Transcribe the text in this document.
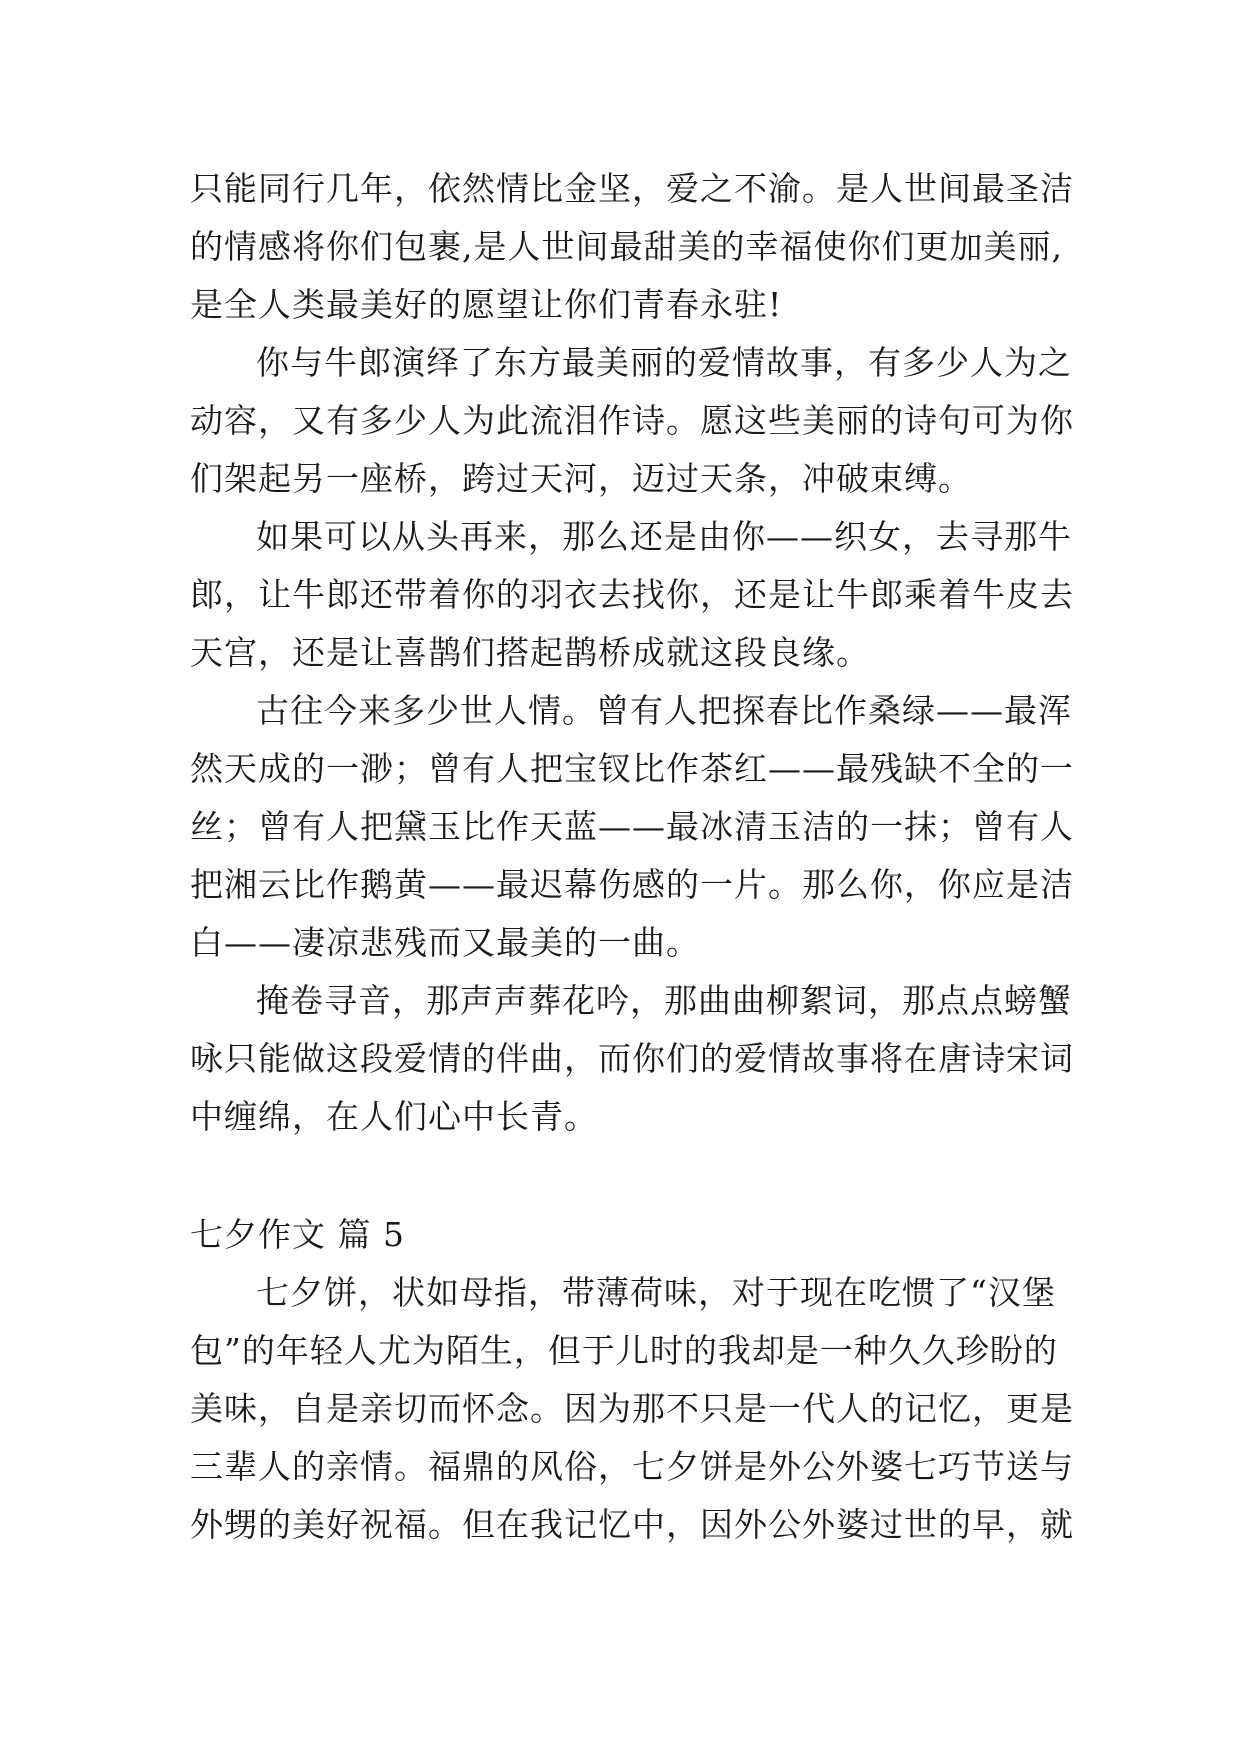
只能同行几年，依然情比金坚，爱之不渝。是人世间最圣洁
的情感将你们包裹,是人世间最甜美的幸福使你们更加美丽,
是全人类最美好的愿望让你们青春永驻!
你与牛郎演绎了东方最美丽的爱情故事，有多少人为之
动容，又有多少人为此流泪作诗。愿这些美丽的诗句可为你
们架起另一座桥，跨过天河，迈过天条，冲破束缚。
如果可以从头再来，那么还是由你——织女，去寻那牛
郎，让牛郎还带着你的羽衣去找你，还是让牛郎乘着牛皮去
天宫，还是让喜鹊们搭起鹊桥成就这段良缘。
古往今来多少世人情。曾有人把探春比作桑绿——最浑
然天成的一渺；曾有人把宝钗比作茶红——最残缺不全的一
丝；曾有人把黛玉比作天蓝——最冰清玉洁的一抹；曾有人
把湘云比作鹅黄——最迟幕伤感的一片。那么你，你应是洁
白——凄凉悲残而又最美的一曲。
掩卷寻音，那声声葬花吟，那曲曲柳絮词，那点点螃蟹
咏只能做这段爱情的伴曲，而你们的爱情故事将在唐诗宋词
中缠绵，在人们心中长青。
七夕作文 篇 5
七夕饼，状如母指，带薄荷味，对于现在吃惯了“汉堡
包”的年轻人尤为陌生，但于儿时的我却是一种久久珍盼的
美味，自是亲切而怀念。因为那不只是一代人的记忆，更是
三辈人的亲情。福鼎的风俗，七夕饼是外公外婆七巧节送与
外甥的美好祝福。但在我记忆中，因外公外婆过世的早，就
